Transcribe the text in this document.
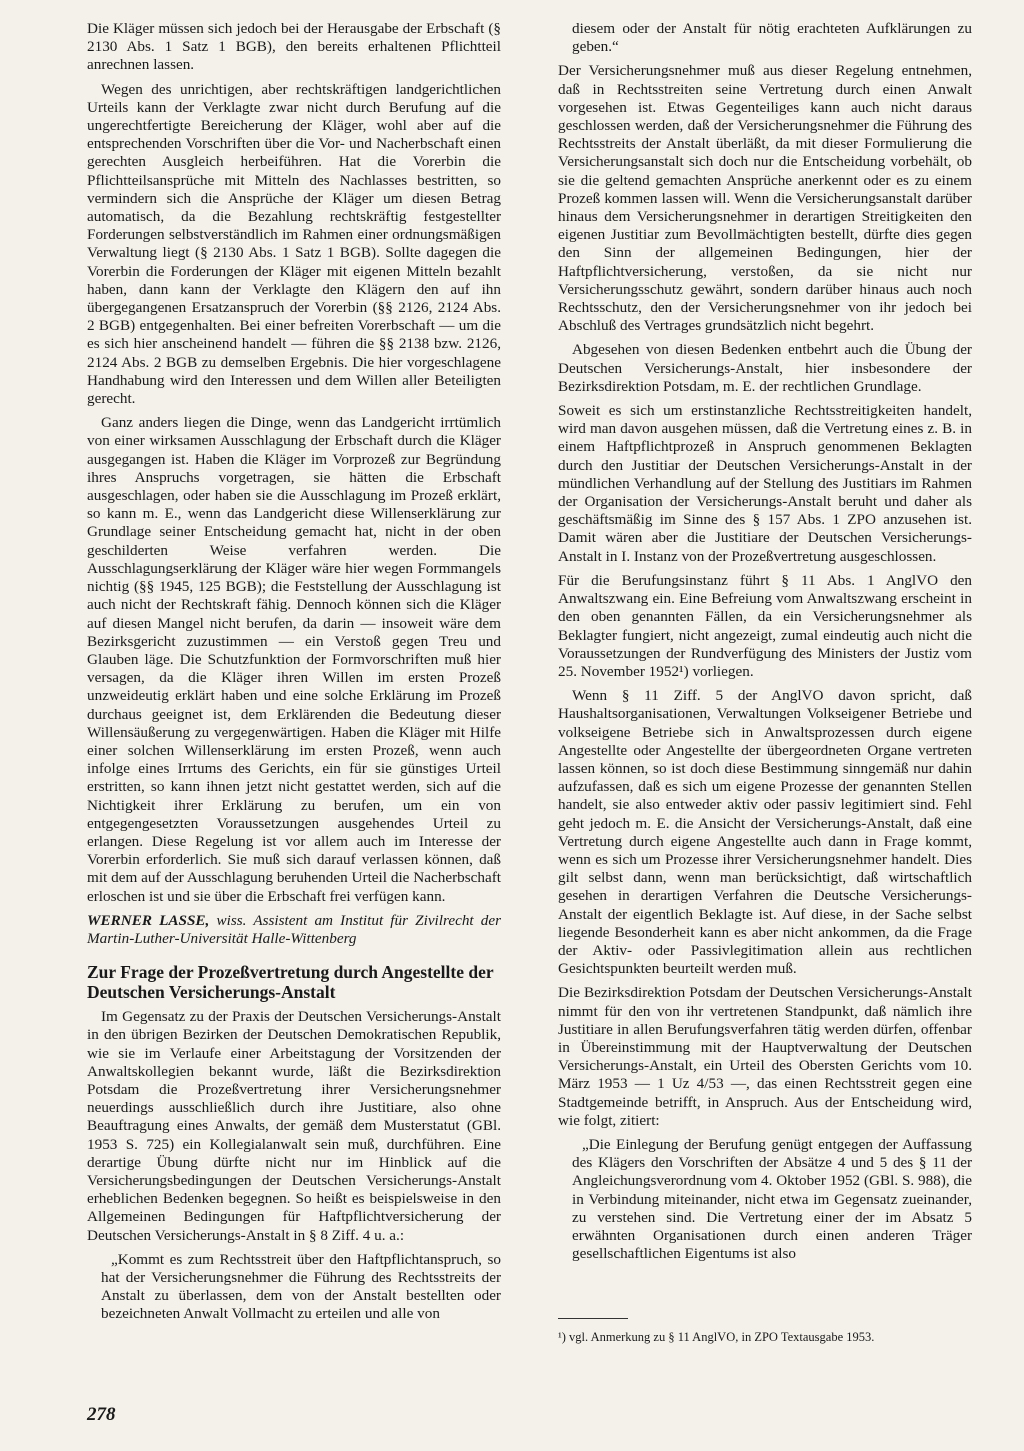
Die Kläger müssen sich jedoch bei der Herausgabe der Erbschaft (§ 2130 Abs. 1 Satz 1 BGB), den bereits erhaltenen Pflichtteil anrechnen lassen.

Wegen des unrichtigen, aber rechtskräftigen landgerichtlichen Urteils kann der Verklagte zwar nicht durch Berufung auf die ungerechtfertigte Bereicherung der Kläger, wohl aber auf die entsprechenden Vorschriften über die Vor- und Nacherbschaft einen gerechten Ausgleich herbeiführen. Hat die Vorerbin die Pflichtteilsansprüche mit Mitteln des Nachlasses bestritten, so vermindern sich die Ansprüche der Kläger um diesen Betrag automatisch, da die Bezahlung rechtskräftig festgestellter Forderungen selbstverständlich im Rahmen einer ordnungsmäßigen Verwaltung liegt (§ 2130 Abs. 1 Satz 1 BGB). Sollte dagegen die Vorerbin die Forderungen der Kläger mit eigenen Mitteln bezahlt haben, dann kann der Verklagte den Klägern den auf ihn übergegangenen Ersatzanspruch der Vorerbin (§§ 2126, 2124 Abs. 2 BGB) entgegenhalten. Bei einer befreiten Vorerbschaft — um die es sich hier anscheinend handelt — führen die §§ 2138 bzw. 2126, 2124 Abs. 2 BGB zu demselben Ergebnis. Die hier vorgeschlagene Handhabung wird den Interessen und dem Willen aller Beteiligten gerecht.

Ganz anders liegen die Dinge, wenn das Landgericht irrtümlich von einer wirksamen Ausschlagung der Erbschaft durch die Kläger ausgegangen ist. Haben die Kläger im Vorprozeß zur Begründung ihres Anspruchs vorgetragen, sie hätten die Erbschaft ausgeschlagen, oder haben sie die Ausschlagung im Prozeß erklärt, so kann m. E., wenn das Landgericht diese Willenserklärung zur Grundlage seiner Entscheidung gemacht hat, nicht in der oben geschilderten Weise verfahren werden. Die Ausschlagungserklärung der Kläger wäre hier wegen Formmangels nichtig (§§ 1945, 125 BGB); die Feststellung der Ausschlagung ist auch nicht der Rechtskraft fähig. Dennoch können sich die Kläger auf diesen Mangel nicht berufen, da darin — insoweit wäre dem Bezirksgericht zuzustimmen — ein Verstoß gegen Treu und Glauben läge. Die Schutzfunktion der Formvorschriften muß hier versagen, da die Kläger ihren Willen im ersten Prozeß unzweideutig erklärt haben und eine solche Erklärung im Prozeß durchaus geeignet ist, dem Erklärenden die Bedeutung dieser Willensäußerung zu vergegenwärtigen. Haben die Kläger mit Hilfe einer solchen Willenserklärung im ersten Prozeß, wenn auch infolge eines Irrtums des Gerichts, ein für sie günstiges Urteil erstritten, so kann ihnen jetzt nicht gestattet werden, sich auf die Nichtigkeit ihrer Erklärung zu berufen, um ein von entgegengesetzten Voraussetzungen ausgehendes Urteil zu erlangen. Diese Regelung ist vor allem auch im Interesse der Vorerbin erforderlich. Sie muß sich darauf verlassen können, daß mit dem auf der Ausschlagung beruhenden Urteil die Nacherbschaft erloschen ist und sie über die Erbschaft frei verfügen kann.

WERNER LASSE, wiss. Assistent am Institut für Zivilrecht der Martin-Luther-Universität Halle-Wittenberg

Zur Frage der Prozeßvertretung durch Angestellte der Deutschen Versicherungs-Anstalt

Im Gegensatz zu der Praxis der Deutschen Versicherungs-Anstalt in den übrigen Bezirken der Deutschen Demokratischen Republik, wie sie im Verlaufe einer Arbeitstagung der Vorsitzenden der Anwaltskollegien bekannt wurde, läßt die Bezirksdirektion Potsdam die Prozeßvertretung ihrer Versicherungsnehmer neuerdings ausschließlich durch ihre Justitiare, also ohne Beauftragung eines Anwalts, der gemäß dem Musterstatut (GBl. 1953 S. 725) ein Kollegialanwalt sein muß, durchführen. Eine derartige Übung dürfte nicht nur im Hinblick auf die Versicherungsbedingungen der Deutschen Versicherungs-Anstalt erheblichen Bedenken begegnen. So heißt es beispielsweise in den Allgemeinen Bedingungen für Haftpflichtversicherung der Deutschen Versicherungs-Anstalt in § 8 Ziff. 4 u. a.:

„Kommt es zum Rechtsstreit über den Haftpflichtanspruch, so hat der Versicherungsnehmer die Führung des Rechtsstreits der Anstalt zu überlassen, dem von der Anstalt bestellten oder bezeichneten Anwalt Vollmacht zu erteilen und alle von

diesem oder der Anstalt für nötig erachteten Aufklärungen zu geben.“

Der Versicherungsnehmer muß aus dieser Regelung entnehmen, daß in Rechtsstreiten seine Vertretung durch einen Anwalt vorgesehen ist. Etwas Gegenteiliges kann auch nicht daraus geschlossen werden, daß der Versicherungsnehmer die Führung des Rechtsstreits der Anstalt überläßt, da mit dieser Formulierung die Versicherungsanstalt sich doch nur die Entscheidung vorbehält, ob sie die geltend gemachten Ansprüche anerkennt oder es zu einem Prozeß kommen lassen will. Wenn die Versicherungsanstalt darüber hinaus dem Versicherungsnehmer in derartigen Streitigkeiten den eigenen Justitiar zum Bevollmächtigten bestellt, dürfte dies gegen den Sinn der allgemeinen Bedingungen, hier der Haftpflichtversicherung, verstoßen, da sie nicht nur Versicherungsschutz gewährt, sondern darüber hinaus auch noch Rechtsschutz, den der Versicherungsnehmer von ihr jedoch bei Abschluß des Vertrages grundsätzlich nicht begehrt.

Abgesehen von diesen Bedenken entbehrt auch die Übung der Deutschen Versicherungs-Anstalt, hier insbesondere der Bezirksdirektion Potsdam, m. E. der rechtlichen Grundlage.

Soweit es sich um erstinstanzliche Rechtsstreitigkeiten handelt, wird man davon ausgehen müssen, daß die Vertretung eines z. B. in einem Haftpflichtprozeß in Anspruch genommenen Beklagten durch den Justitiar der Deutschen Versicherungs-Anstalt in der mündlichen Verhandlung auf der Stellung des Justitiars im Rahmen der Organisation der Versicherungs-Anstalt beruht und daher als geschäftsmäßig im Sinne des § 157 Abs. 1 ZPO anzusehen ist. Damit wären aber die Justitiare der Deutschen Versicherungs-Anstalt in I. Instanz von der Prozeßvertretung ausgeschlossen.

Für die Berufungsinstanz führt § 11 Abs. 1 AnglVO den Anwaltszwang ein. Eine Befreiung vom Anwaltszwang erscheint in den oben genannten Fällen, da ein Versicherungsnehmer als Beklagter fungiert, nicht angezeigt, zumal eindeutig auch nicht die Voraussetzungen der Rundverfügung des Ministers der Justiz vom 25. November 1952¹) vorliegen.

Wenn § 11 Ziff. 5 der AnglVO davon spricht, daß Haushaltsorganisationen, Verwaltungen Volkseigener Betriebe und volkseigene Betriebe sich in Anwaltsprozessen durch eigene Angestellte oder Angestellte der übergeordneten Organe vertreten lassen können, so ist doch diese Bestimmung sinngemäß nur dahin aufzufassen, daß es sich um eigene Prozesse der genannten Stellen handelt, sie also entweder aktiv oder passiv legitimiert sind. Fehl geht jedoch m. E. die Ansicht der Versicherungs-Anstalt, daß eine Vertretung durch eigene Angestellte auch dann in Frage kommt, wenn es sich um Prozesse ihrer Versicherungsnehmer handelt. Dies gilt selbst dann, wenn man berücksichtigt, daß wirtschaftlich gesehen in derartigen Verfahren die Deutsche Versicherungs-Anstalt der eigentlich Beklagte ist. Auf diese, in der Sache selbst liegende Besonderheit kann es aber nicht ankommen, da die Frage der Aktiv- oder Passivlegitimation allein aus rechtlichen Gesichtspunkten beurteilt werden muß.

Die Bezirksdirektion Potsdam der Deutschen Versicherungs-Anstalt nimmt für den von ihr vertretenen Standpunkt, daß nämlich ihre Justitiare in allen Berufungsverfahren tätig werden dürfen, offenbar in Übereinstimmung mit der Hauptverwaltung der Deutschen Versicherungs-Anstalt, ein Urteil des Obersten Gerichts vom 10. März 1953 — 1 Uz 4/53 —, das einen Rechtsstreit gegen eine Stadtgemeinde betrifft, in Anspruch. Aus der Entscheidung wird, wie folgt, zitiert:

„Die Einlegung der Berufung genügt entgegen der Auffassung des Klägers den Vorschriften der Absätze 4 und 5 des § 11 der Angleichungsverordnung vom 4. Oktober 1952 (GBl. S. 988), die in Verbindung miteinander, nicht etwa im Gegensatz zueinander, zu verstehen sind. Die Vertretung einer der im Absatz 5 erwähnten Organisationen durch einen anderen Träger gesellschaftlichen Eigentums ist also

¹) vgl. Anmerkung zu § 11 AnglVO, in ZPO Textausgabe 1953.
278
